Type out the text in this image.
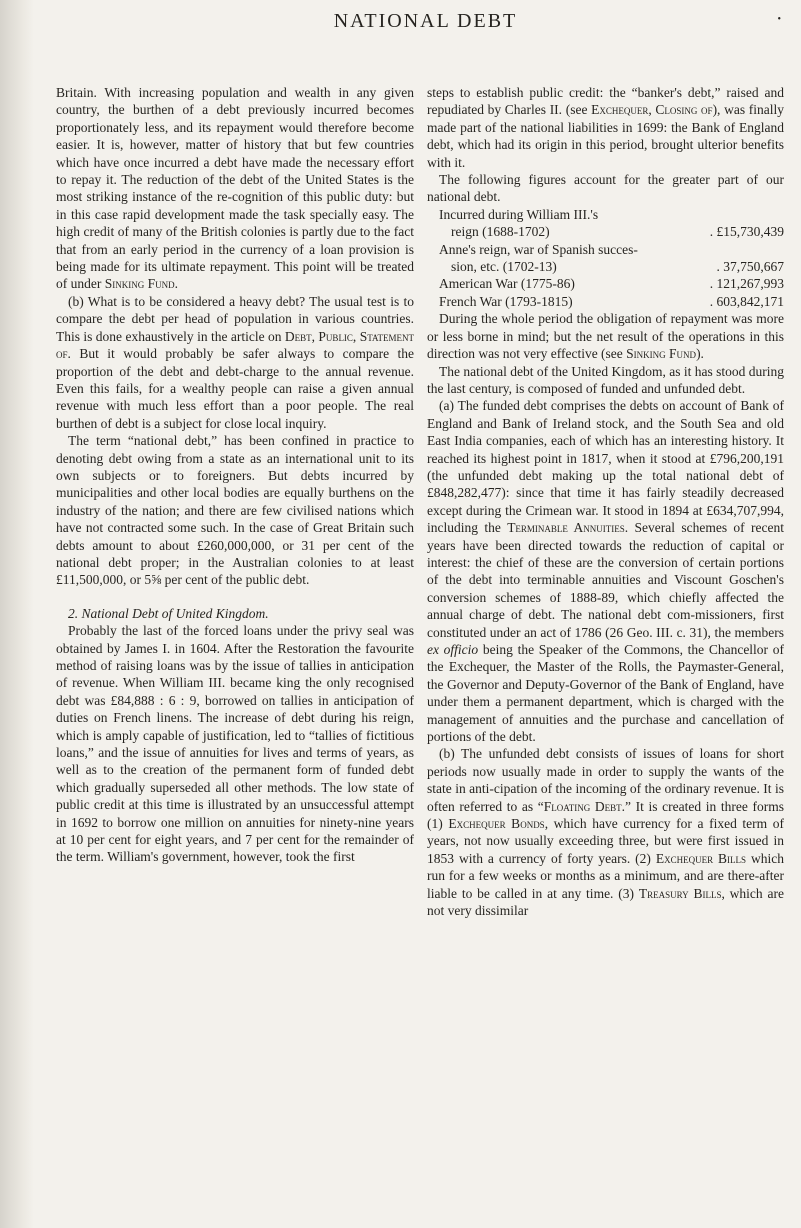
NATIONAL DEBT	•

Britain. With increasing population and wealth in any given country, the burthen of a debt previously incurred becomes proportionately less, and its repayment would therefore become easier. It is, however, matter of history that but few countries which have once incurred a debt have made the necessary effort to repay it. The reduction of the debt of the United States is the most striking instance of the re-cognition of this public duty: but in this case rapid development made the task specially easy. The high credit of many of the British colonies is partly due to the fact that from an early period in the currency of a loan provision is being made for its ultimate repayment. This point will be treated of under Sinking Fund.

(b) What is to be considered a heavy debt? The usual test is to compare the debt per head of population in various countries. This is done exhaustively in the article on Debt, Public, Statement of. But it would probably be safer always to compare the proportion of the debt and debt-charge to the annual revenue. Even this fails, for a wealthy people can raise a given annual revenue with much less effort than a poor people. The real burthen of debt is a subject for close local inquiry.

The term “national debt,” has been confined in practice to denoting debt owing from a state as an international unit to its own subjects or to foreigners. But debts incurred by municipalities and other local bodies are equally burthens on the industry of the nation; and there are few civilised nations which have not contracted some such. In the case of Great Britain such debts amount to about £260,000,000, or 31 per cent of the national debt proper; in the Australian colonies to at least £11,500,000, or 5⅝ per cent of the public debt.

2. National Debt of United Kingdom.

Probably the last of the forced loans under the privy seal was obtained by James I. in 1604. After the Restoration the favourite method of raising loans was by the issue of tallies in anticipation of revenue. When William III. became king the only recognised debt was £84,888 : 6 : 9, borrowed on tallies in anticipation of duties on French linens. The increase of debt during his reign, which is amply capable of justification, led to “tallies of fictitious loans,” and the issue of annuities for lives and terms of years, as well as to the creation of the permanent form of funded debt which gradually superseded all other methods. The low state of public credit at this time is illustrated by an unsuccessful attempt in 1692 to borrow one million on annuities for ninety-nine years at 10 per cent for eight years, and 7 per cent for the remainder of the term. William's government, however, took the first

steps to establish public credit: the “banker's debt,” raised and repudiated by Charles II. (see Exchequer, Closing of), was finally made part of the national liabilities in 1699: the Bank of England debt, which had its origin in this period, brought ulterior benefits with it.

The following figures account for the greater part of our national debt.

Incurred during William III.'s
reign (1688-1702)	. £15,730,439
Anne's reign, war of Spanish succes-
sion, etc. (1702-13)	. 37,750,667
American War (1775-86)	. 121,267,993
French War (1793-1815)	. 603,842,171

During the whole period the obligation of repayment was more or less borne in mind; but the net result of the operations in this direction was not very effective (see Sinking Fund).

The national debt of the United Kingdom, as it has stood during the last century, is composed of funded and unfunded debt.

(a) The funded debt comprises the debts on account of Bank of England and Bank of Ireland stock, and the South Sea and old East India companies, each of which has an interesting history. It reached its highest point in 1817, when it stood at £796,200,191 (the unfunded debt making up the total national debt of £848,282,477): since that time it has fairly steadily decreased except during the Crimean war. It stood in 1894 at £634,707,994, including the Terminable Annuities. Several schemes of recent years have been directed towards the reduction of capital or interest: the chief of these are the conversion of certain portions of the debt into terminable annuities and Viscount Goschen's conversion schemes of 1888-89, which chiefly affected the annual charge of debt. The national debt com-missioners, first constituted under an act of 1786 (26 Geo. III. c. 31), the members ex officio being the Speaker of the Commons, the Chancellor of the Exchequer, the Master of the Rolls, the Paymaster-General, the Governor and Deputy-Governor of the Bank of England, have under them a permanent department, which is charged with the management of annuities and the purchase and cancellation of portions of the debt.

(b) The unfunded debt consists of issues of loans for short periods now usually made in order to supply the wants of the state in anti-cipation of the incoming of the ordinary revenue. It is often referred to as “Floating Debt.” It is created in three forms (1) Exchequer Bonds, which have currency for a fixed term of years, not now usually exceeding three, but were first issued in 1853 with a currency of forty years. (2) Exchequer Bills which run for a few weeks or months as a minimum, and are there-after liable to be called in at any time. (3) Treasury Bills, which are not very dissimilar
